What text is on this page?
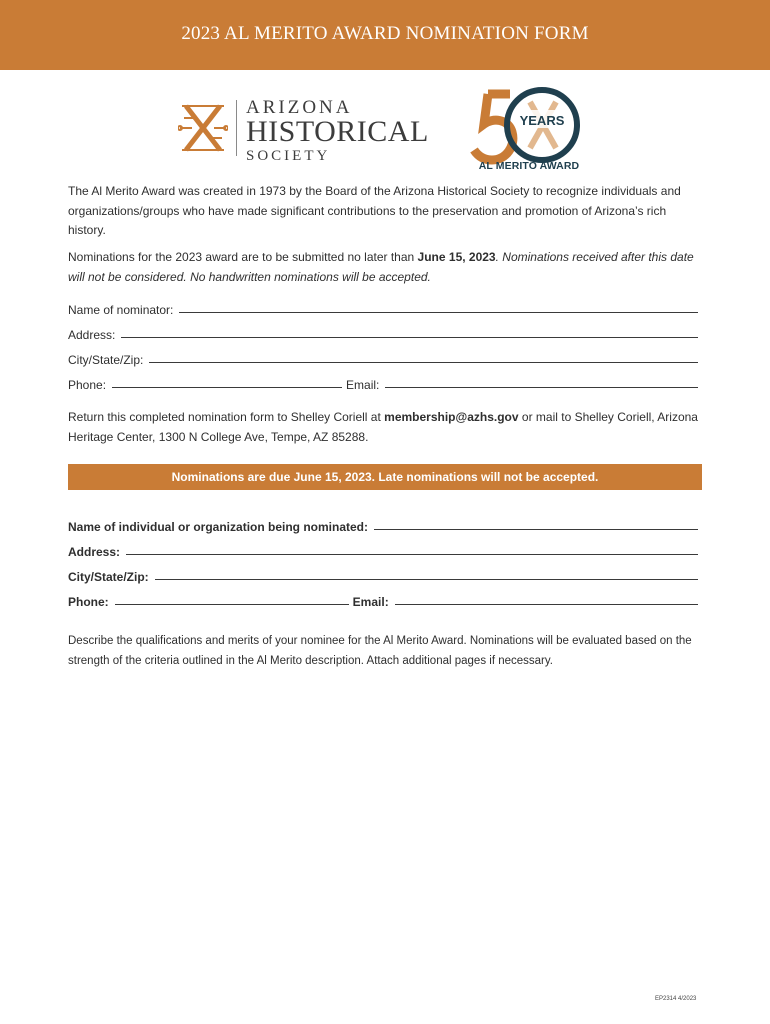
2023 AL MERITO AWARD NOMINATION FORM
ARIZONA
HISTORICAL
SOCIETY
YEARS
AL MERITO AWARD

The Al Merito Award was created in 1973 by the Board of the Arizona Historical Society to recognize individuals and organizations/groups who have made significant contributions to the preservation and promotion of Arizona’s rich history.

Nominations for the 2023 award are to be submitted no later than June 15, 2023. Nominations received after this date will not be considered. No handwritten nominations will be accepted.

Name of nominator:
Address:
City/State/Zip:
Phone:	Email:

Return this completed nomination form to Shelley Coriell at membership@azhs.gov or mail to Shelley Coriell, Arizona Heritage Center, 1300 N College Ave, Tempe, AZ 85288.

Nominations are due June 15, 2023. Late nominations will not be accepted.
Name of individual or organization being nominated:
Address:
City/State/Zip:
Phone:	Email:

Describe the qualifications and merits of your nominee for the Al Merito Award. Nominations will be evaluated based on the strength of the criteria outlined in the Al Merito description. Attach additional pages if necessary.

EP2314 4/2023
